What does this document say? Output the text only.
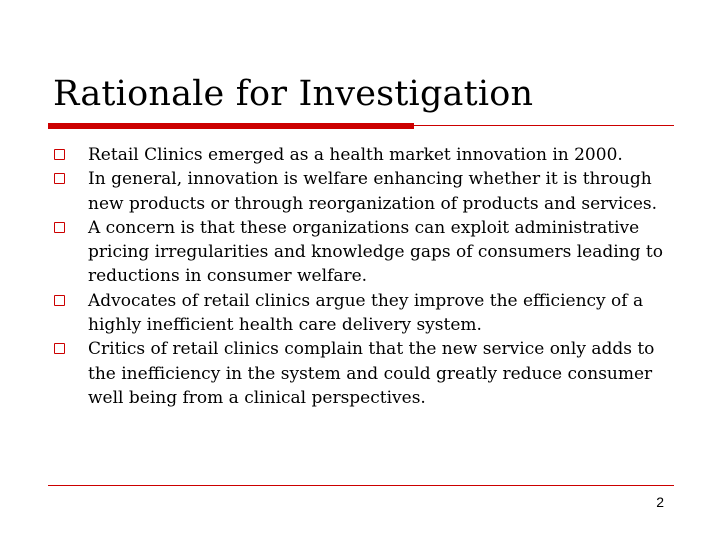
Rationale for Investigation
Retail Clinics emerged as a health market innovation in 2000.
In general, innovation is welfare enhancing whether it is through new products or through reorganization of products and services.
A concern is that these organizations can exploit administrative pricing irregularities and knowledge gaps of consumers leading to reductions in consumer welfare.
Advocates of retail clinics argue they improve the efficiency of a highly inefficient health care delivery system.
Critics of retail clinics complain that the new service only adds to the inefficiency in the system and could greatly reduce consumer well being from a clinical perspectives.
2
